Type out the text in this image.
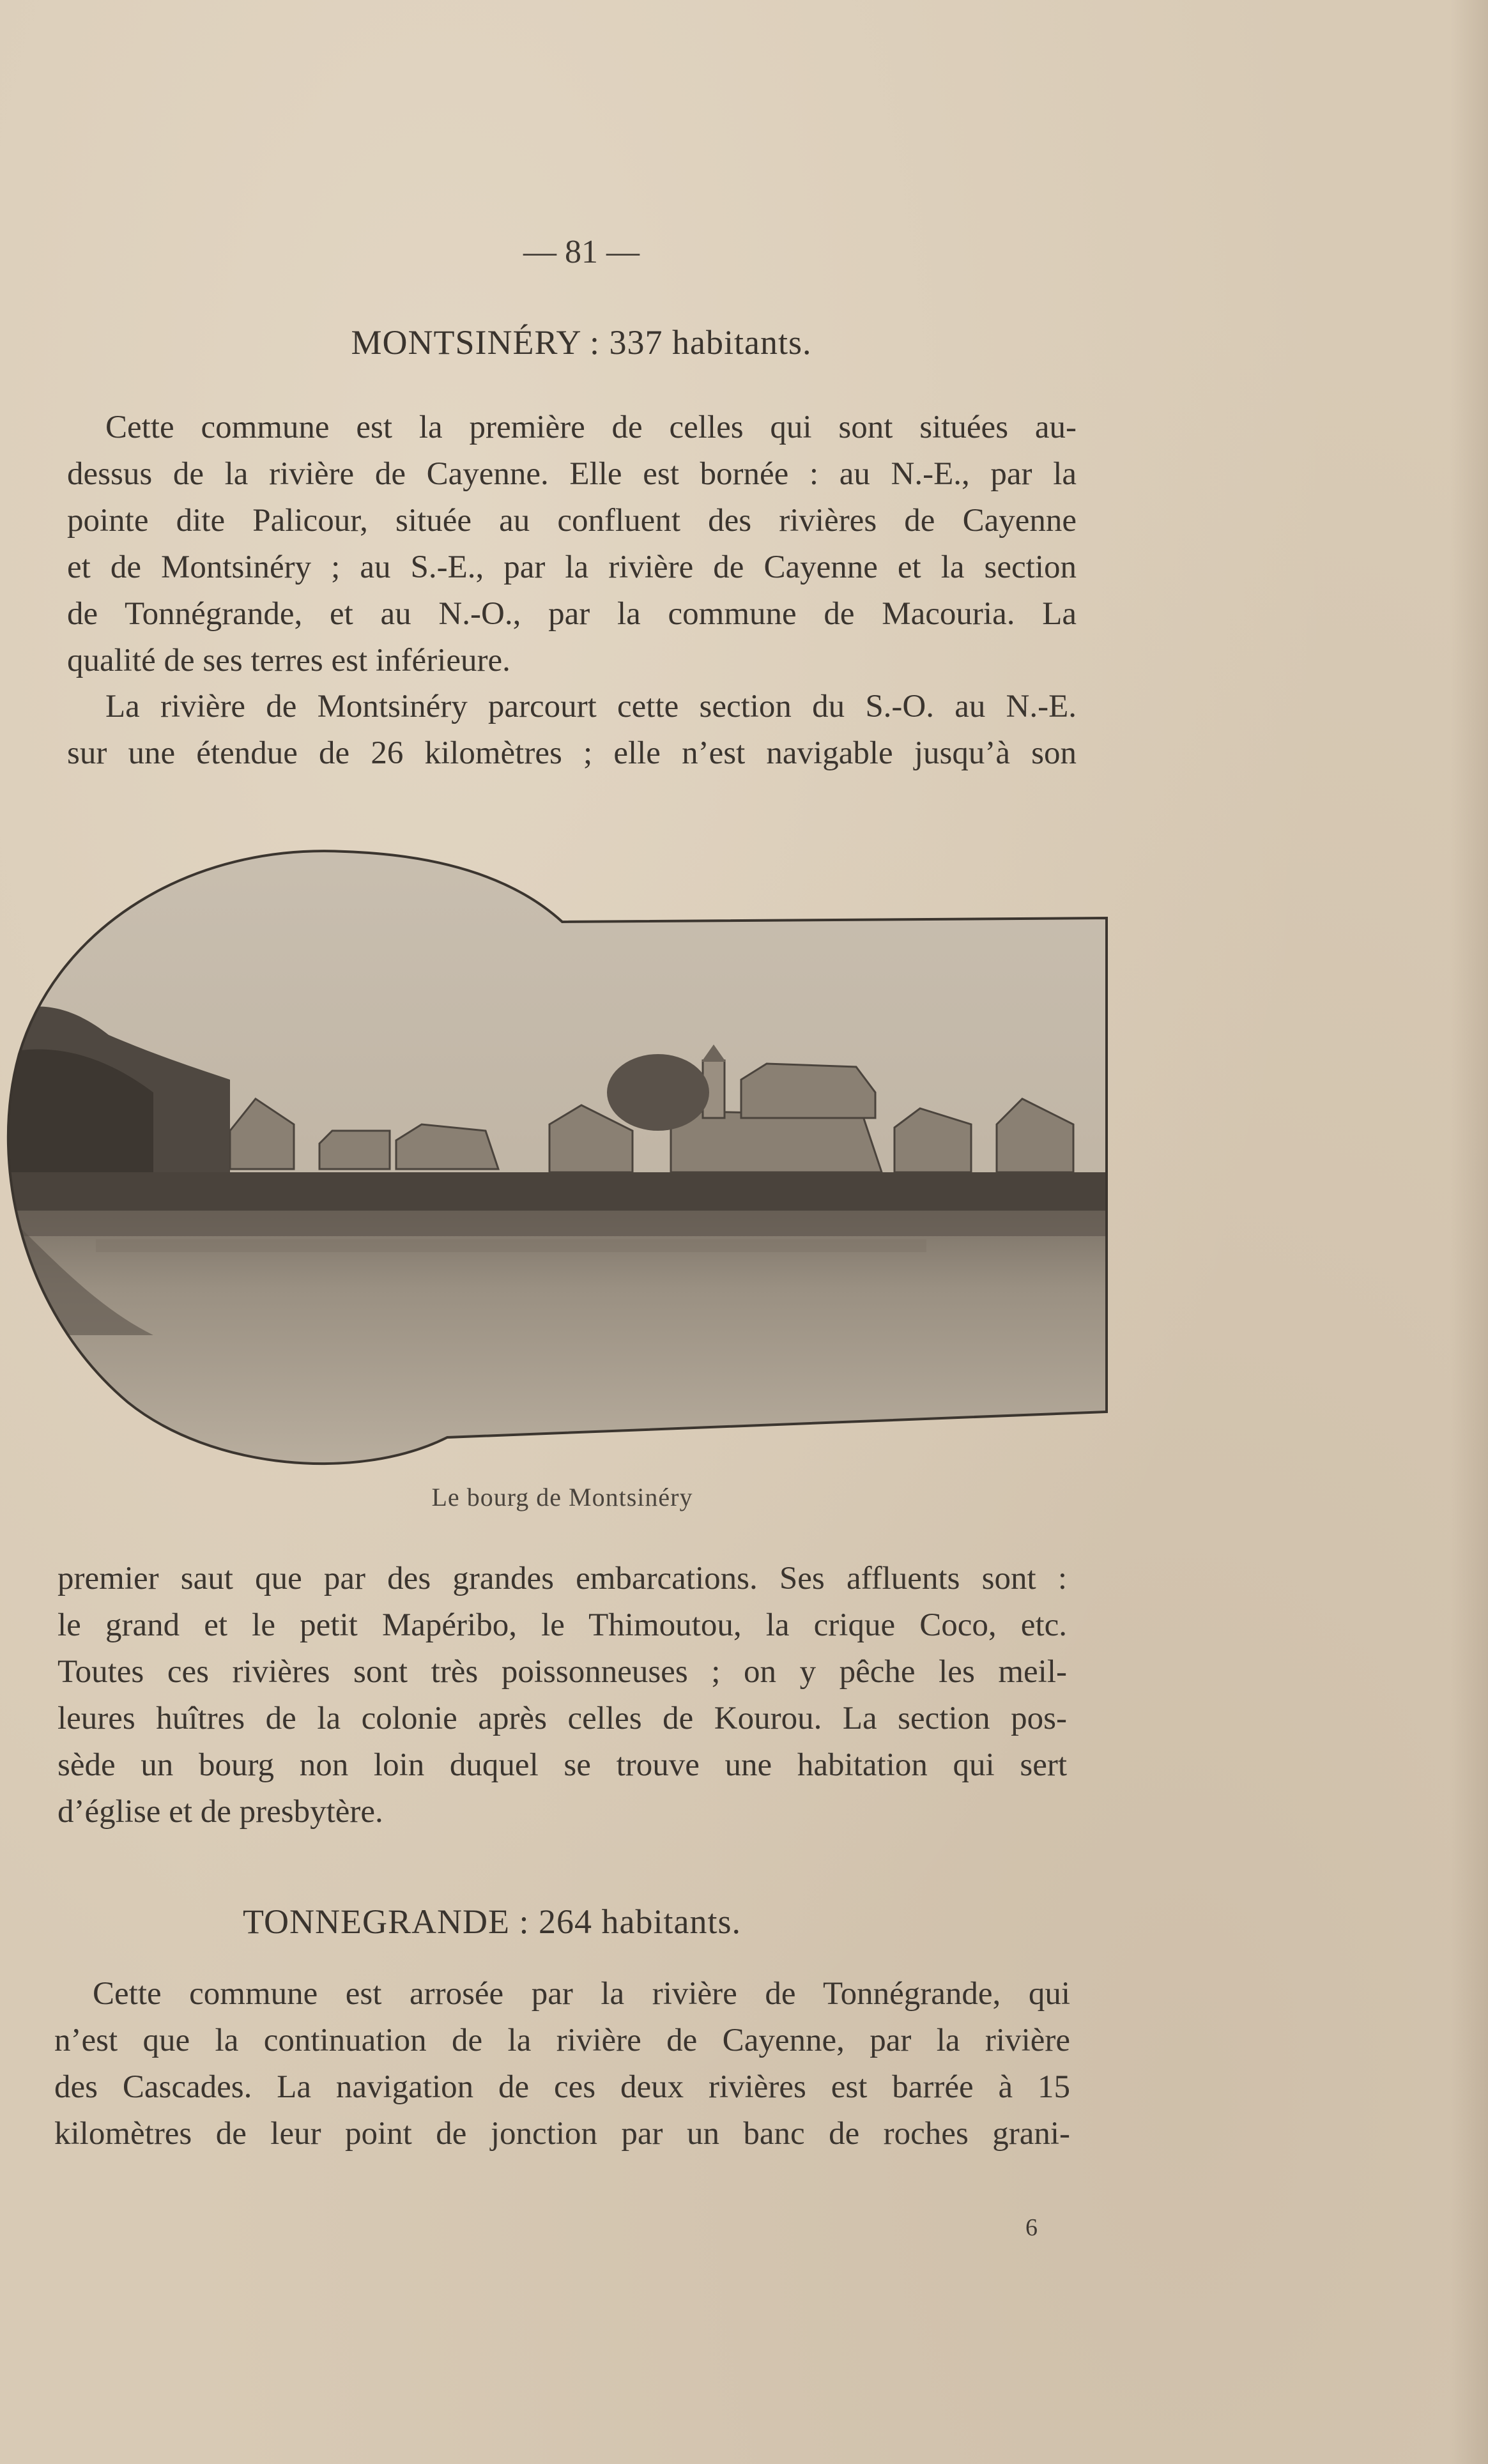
— 81 —
MONTSINÉRY : 337 habitants.
Cette commune est la première de celles qui sont situées au-
dessus de la rivière de Cayenne. Elle est bornée : au N.-E., par la
pointe dite Palicour, située au confluent des rivières de Cayenne
et de Montsinéry ; au S.-E., par la rivière de Cayenne et la section
de Tonnégrande, et au N.-O., par la commune de Macouria. La
qualité de ses terres est inférieure.
La rivière de Montsinéry parcourt cette section du S.-O. au N.-E.
sur une étendue de 26 kilomètres ; elle n’est navigable jusqu’à son
Le bourg de Montsinéry
premier saut que par des grandes embarcations. Ses affluents sont :
le grand et le petit Mapéribo, le Thimoutou, la crique Coco, etc.
Toutes ces rivières sont très poissonneuses ; on y pêche les meil-
leures huîtres de la colonie après celles de Kourou. La section pos-
sède un bourg non loin duquel se trouve une habitation qui sert
d’église et de presbytère.
TONNEGRANDE : 264 habitants.
Cette commune est arrosée par la rivière de Tonnégrande, qui
n’est que la continuation de la rivière de Cayenne, par la rivière
des Cascades. La navigation de ces deux rivières est barrée à 15
kilomètres de leur point de jonction par un banc de roches grani-
6
